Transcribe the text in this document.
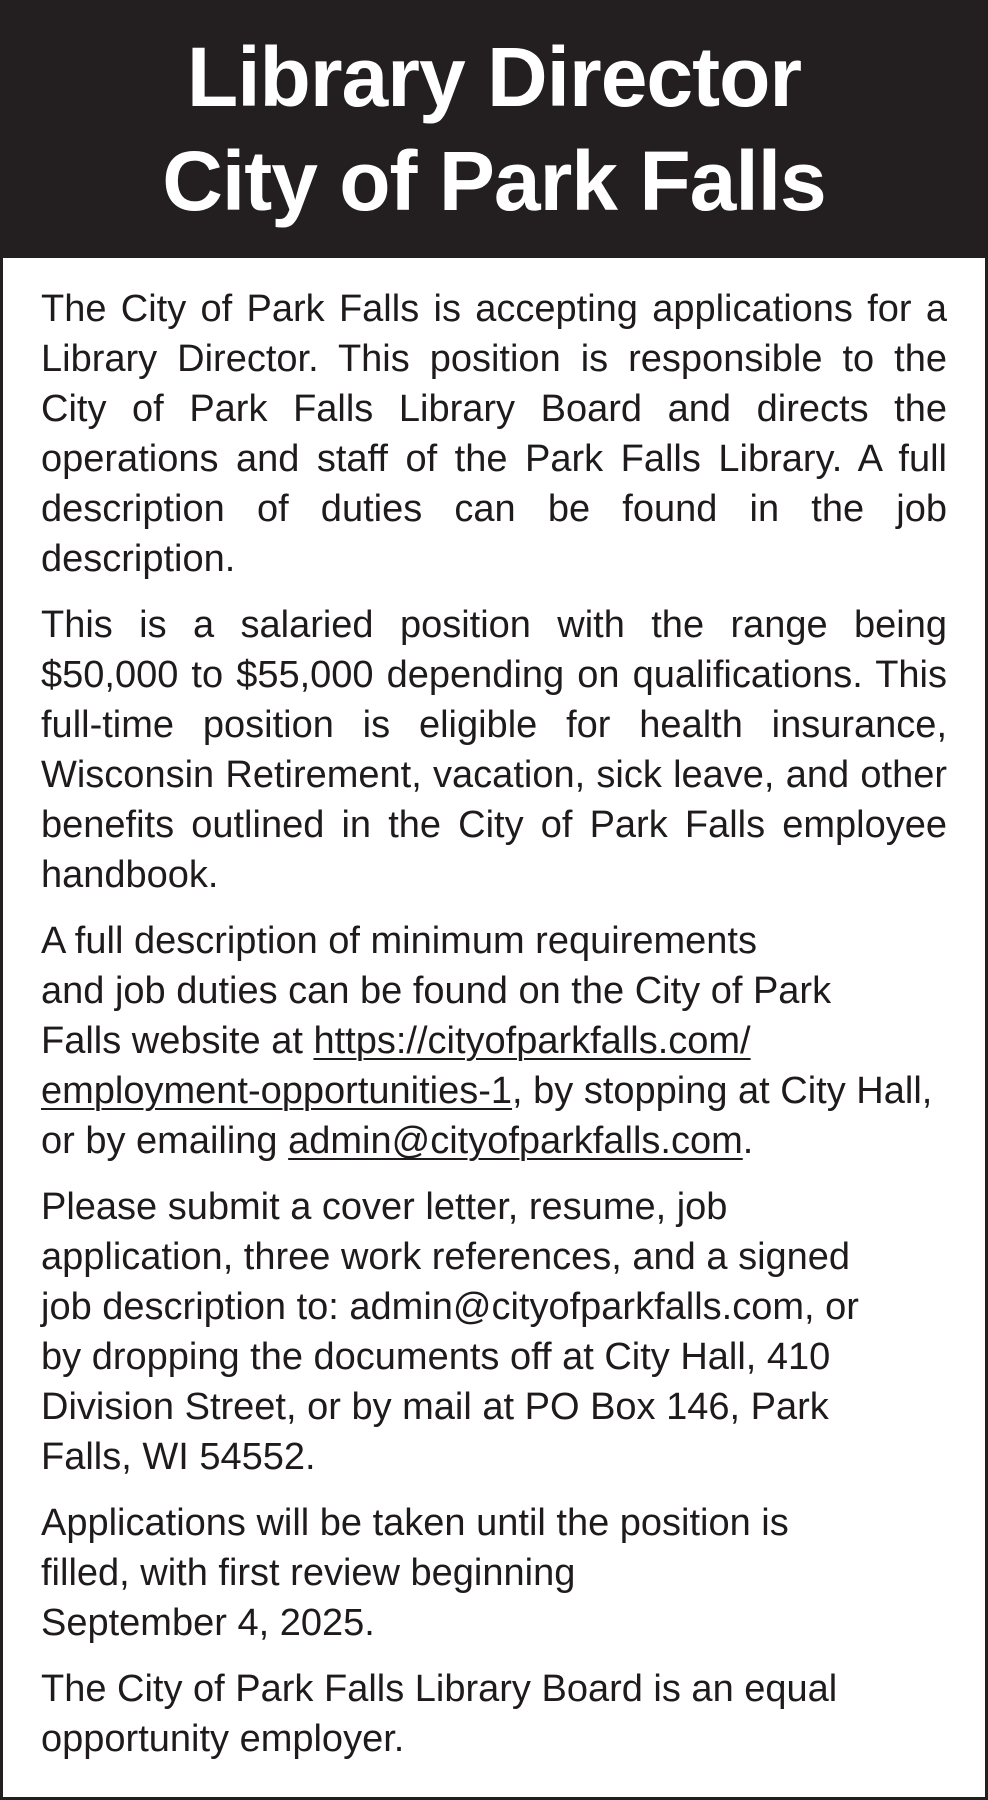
Library Director
City of Park Falls

The City of Park Falls is accepting applications for a Library Director. This position is responsible to the City of Park Falls Library Board and directs the operations and staff of the Park Falls Library. A full description of duties can be found in the job description.

This is a salaried position with the range being $50,000 to $55,000 depending on qualifications. This full-time position is eligible for health insurance, Wisconsin Retirement, vacation, sick leave, and other benefits outlined in the City of Park Falls employee handbook.

A full description of minimum requirements
and job duties can be found on the City of Park
Falls website at https://cityofparkfalls.com/
employment-opportunities-1, by stopping at City Hall, or by emailing admin@cityofparkfalls.com.

Please submit a cover letter, resume, job
application, three work references, and a signed
job description to: admin@cityofparkfalls.com, or
by dropping the documents off at City Hall, 410
Division Street, or by mail at PO Box 146, Park
Falls, WI 54552.

Applications will be taken until the position is
filled, with first review beginning
September 4, 2025.

The City of Park Falls Library Board is an equal
opportunity employer.
